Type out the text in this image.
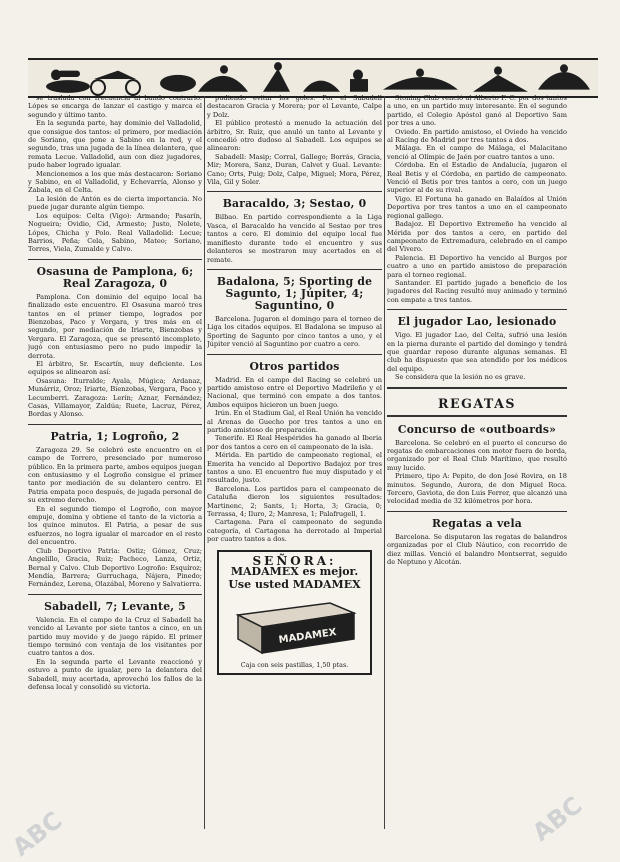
se traslada con frecuencia al bando contrario. Lópes se encarga de lanzar el castigo y marca el segundo y último tanto.

En la segunda parte, hay dominio del Valladolid, que consigue dos tantos: el primero, por mediación de Soriano, que pone a Sabino en la red, y el segundo, tras una jugada de la línea delantera, que remata Lecue. Valladolid, aun con diez jugadores, pudo haber logrado igualar.

Mencionemos a los que más destacaron: Soriano y Sabino, en el Valladolid, y Echevarría, Alonso y Zabala, en el Celta.

La lesión de Antón es de cierta importancia. No puede jugar durante algún tiempo.

Los equipos: Celta (Vigo): Armando; Pasarín, Nogueira; Ovidio, Cid, Armesto; Justo, Nolete, Lópes, Chicha y Polo. Real Valladolid: Lecue; Barrios, Peña; Cela, Sabino, Mateo; Soriano, Torres, Viela, Zumalde y Calvo.

Osasuna de Pamplona, 6; Real Zaragoza, 0

Pamplona. Con dominio del equipo local ha finalizado este encuentro. El Osasuna marcó tres tantos en el primer tiempo, logrados por Bienzobas, Paco y Vergara, y tres más en el segundo, por mediación de Iriarte, Bienzobas y Vergara. El Zaragoza, que se presentó incompleto, jugó con entusiasmo pero no pudo impedir la derrota.

El árbitro, Sr. Escartín, muy deficiente. Los equipos se alinearon así:

Osasuna: Iturralde; Ayala, Múgica; Ardanaz, Munárriz, Oroz; Iriarte, Bienzobas, Vergara, Paco y Lecumberri. Zaragoza: Lerín; Aznar, Fernández; Casas, Villamayor, Zaldúa; Ruete, Lacruz, Pérez, Bordas y Alonso.

Patria, 1; Logroño, 2

Zaragoza 29. Se celebró este encuentro en el campo de Torrero, presenciado por numeroso público. En la primera parte, ambos equipos juegan con entusiasmo y el Logroño consigue el primer tanto por mediación de su delantero centro. El Patria empata poco después, de jugada personal de su extremo derecho.

En el segundo tiempo el Logroño, con mayor empuje, domina y obtiene el tanto de la victoria a los quince minutos. El Patria, a pesar de sus esfuerzos, no logra igualar el marcador en el resto del encuentro.

Club Deportivo Patria: Ostiz; Gómez, Cruz; Angelillo, Gracia, Ruiz; Pacheco, Lanza, Ortiz, Bernal y Calvo. Club Deportivo Logroño: Esquíroz; Mendía, Barrera; Gurruchaga, Nájera, Pinedo; Fernández, Lerena, Olazábal, Moreno y Salvatierra.

Sabadell, 7; Levante, 5

Valencia. En el campo de la Cruz el Sabadell ha vencido al Levante por siete tantos a cinco, en un partido muy movido y de juego rápido. El primer tiempo terminó con ventaja de los visitantes por cuatro tantos a dos.

En la segunda parte el Levante reaccionó y estuvo a punto de igualar, pero la delantera del Sabadell, muy acertada, aprovechó los fallos de la defensa local y consolidó su victoria.

pudiendo evitar los goles. Por el Sabadell destacaron Gracia y Morera; por el Levante, Calpe y Dolz.

El público protestó a menudo la actuación del árbitro, Sr. Ruiz, que anuló un tanto al Levante y concedió otro dudoso al Sabadell. Los equipos se alinearon:

Sabadell: Masip; Corral, Gallego; Borrás, Gracia, Mir; Morera, Sanz, Duran, Calvet y Gual. Levante: Cano; Orts, Puig; Dolz, Calpe, Miguel; Mora, Pérez, Vila, Gil y Soler.

Baracaldo, 3; Sestao, 0

Bilbao. En partido correspondiente a la Liga Vasca, el Baracaldo ha vencido al Sestao por tres tantos a cero. El dominio del equipo local fue manifiesto durante todo el encuentro y sus delanteros se mostraron muy acertados en el remate.

Badalona, 5; Sporting de Sagunto, 1; Júpiter, 4; Saguntino, 0

Barcelona. Jugaron el domingo para el torneo de Liga los citados equipos. El Badalona se impuso al Sporting de Sagunto por cinco tantos a uno, y el Júpiter venció al Saguntino por cuatro a cero.

Otros partidos

Madrid. En el campo del Racing se celebró un partido amistoso entre el Deportivo Madrileño y el Nacional, que terminó con empate a dos tantos. Ambos equipos hicieron un buen juego.

Irún. En el Stadium Gal, el Real Unión ha vencido al Arenas de Guecho por tres tantos a uno en partido amistoso de preparación.

Tenerife. El Real Hespérides ha ganado al Iberia por dos tantos a cero en el campeonato de la isla.

Mérida. En partido de campeonato regional, el Emerita ha vencido al Deportivo Badajoz por tres tantos a uno. El encuentro fue muy disputado y el resultado, justo.

Barcelona. Los partidos para el campeonato de Cataluña dieron los siguientes resultados: Martinenc, 2; Sants, 1; Horta, 3; Gracia, 0; Terrassa, 4; Iluro, 2; Manresa, 1; Palafrugell, 1.

Cartagena. Para el campeonato de segunda categoría, el Cartagena ha derrotado al Imperial por cuatro tantos a dos.

SEÑORA:
MADAMEX es mejor.
Use usted MADAMEX
MADAMEX
Caja con seis pastillas, 1,50 ptas.

Stoning Club venció al Alberto F. C. por dos tantos a uno, en un partido muy interesante. En el segundo partido, el Colegio Apóstol ganó al Deportivo Sam por tres a uno.

Oviedo. En partido amistoso, el Oviedo ha vencido al Racing de Madrid por tres tantos a dos.

Málaga. En el campo de Málaga, el Malacitano venció al Olímpic de Jaén por cuatro tantos a uno.

Córdoba. En el Estadio de Andalucía, jugaron el Real Betis y el Córdoba, en partido de campeonato. Venció el Betis por tres tantos a cero, con un juego superior al de su rival.

Vigo. El Fortuna ha ganado en Balaídos al Unión Deportiva por tres tantos a uno en el campeonato regional gallego.

Badajoz. El Deportivo Extremeño ha vencido al Mérida por dos tantos a cero, en partido del campeonato de Extremadura, celebrado en el campo del Vivero.

Palencia. El Deportivo ha vencido al Burgos por cuatro a uno en partido amistoso de preparación para el torneo regional.

Santander. El partido jugado a beneficio de los jugadores del Racing resultó muy animado y terminó con empate a tres tantos.

El jugador Lao, lesionado

Vigo. El jugador Lao, del Celta, sufrió una lesión en la pierna durante el partido del domingo y tendrá que guardar reposo durante algunas semanas. El club ha dispuesto que sea atendido por los médicos del equipo.

Se considera que la lesión no es grave.

REGATAS
Concurso de «outboards»

Barcelona. Se celebró en el puerto el concurso de regatas de embarcaciones con motor fuera de borda, organizado por el Real Club Marítimo, que resultó muy lucido.

Primero, tipo A: Pepito, de don José Rovira, en 18 minutos. Segundo, Aurora, de don Miguel Roca. Tercero, Gaviota, de don Luis Ferrer, que alcanzó una velocidad media de 32 kilómetros por hora.

Regatas a vela

Barcelona. Se disputaron las regatas de balandros organizadas por el Club Náutico, con recorrido de diez millas. Venció el balandro Montserrat, seguido de Neptuno y Alcotán.

ABC	ABC
